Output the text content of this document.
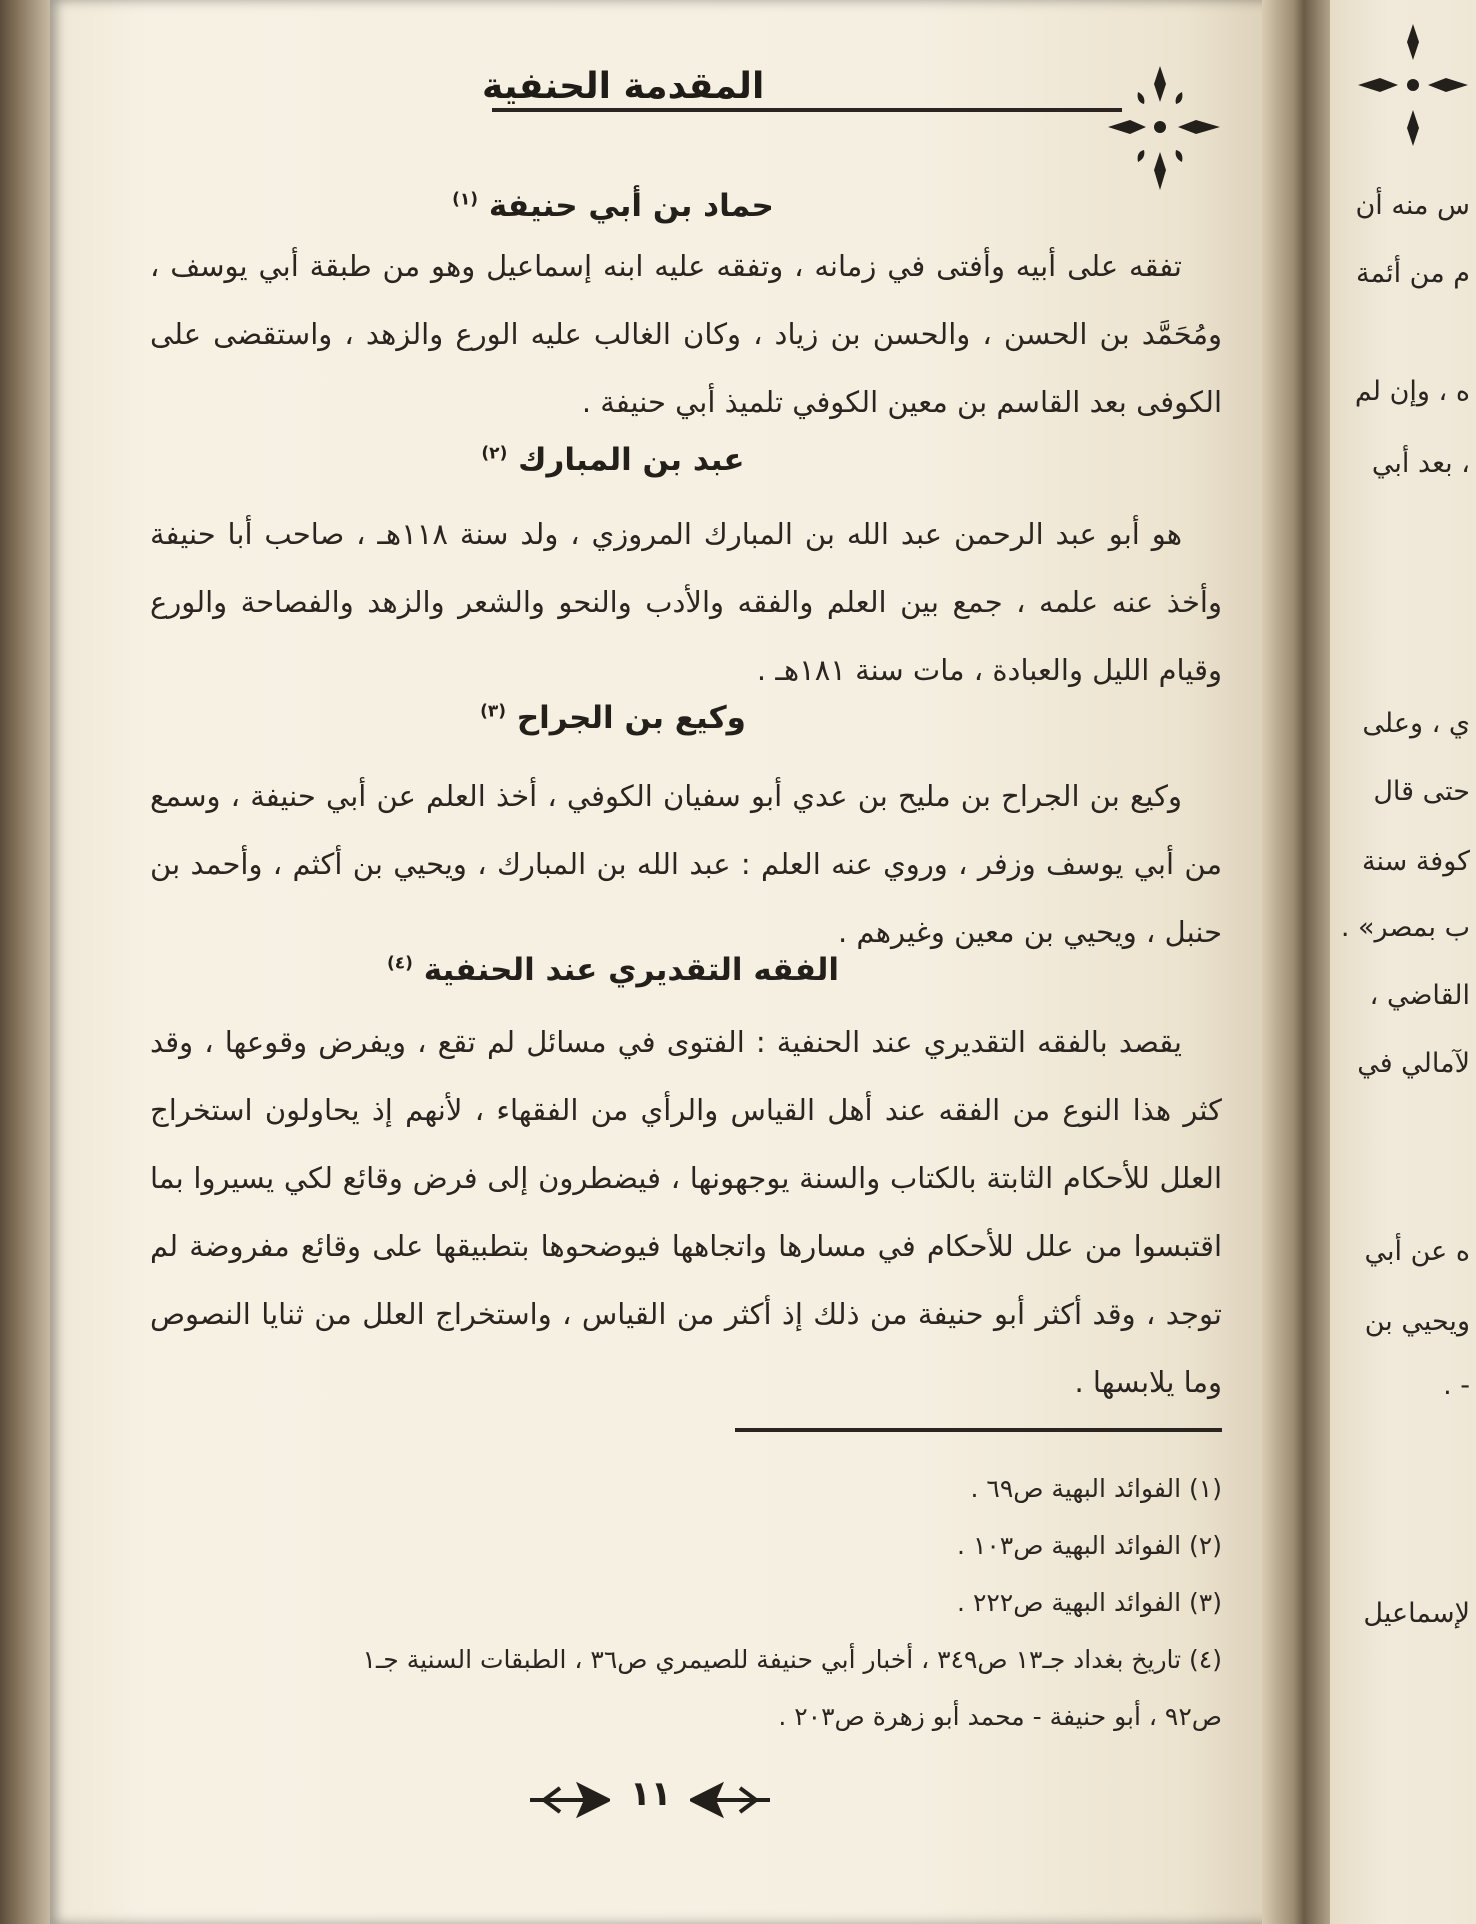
المقدمة الحنفية
حماد بن أبي حنيفة $^{(١)}$
تفقه على أبيه وأفتى في زمانه ، وتفقه عليه ابنه إسماعيل وهو من طبقة أبي يوسف ، ومُحَمَّد بن الحسن ، والحسن بن زياد ، وكان الغالب عليه الورع والزهد ، واستقضى على الكوفى بعد القاسم بن معين الكوفي تلميذ أبي حنيفة .
عبد بن المبارك $^{(٢)}$
هو أبو عبد الرحمن عبد الله بن المبارك المروزي ، ولد سنة ١١٨هـ ، صاحب أبا حنيفة وأخذ عنه علمه ، جمع بين العلم والفقه والأدب والنحو والشعر والزهد والفصاحة والورع وقيام الليل والعبادة ، مات سنة ١٨١هـ .
وكيع بن الجراح $^{(٣)}$
وكيع بن الجراح بن مليح بن عدي أبو سفيان الكوفي ، أخذ العلم عن أبي حنيفة ، وسمع من أبي يوسف وزفر ، وروي عنه العلم : عبد الله بن المبارك ، ويحيي بن أكثم ، وأحمد بن حنبل ، ويحيي بن معين وغيرهم .
الفقه التقديري عند الحنفية $^{(٤)}$
يقصد بالفقه التقديري عند الحنفية : الفتوى في مسائل لم تقع ، ويفرض وقوعها ، وقد كثر هذا النوع من الفقه عند أهل القياس والرأي من الفقهاء ، لأنهم إذ يحاولون استخراج العلل للأحكام الثابتة بالكتاب والسنة يوجهونها ، فيضطرون إلى فرض وقائع لكي يسيروا بما اقتبسوا من علل للأحكام في مسارها واتجاهها فيوضحوها بتطبيقها على وقائع مفروضة لم توجد ، وقد أكثر أبو حنيفة من ذلك إذ أكثر من القياس ، واستخراج العلل من ثنايا النصوص وما يلابسها .
(١) الفوائد البهية ص٦٩ .
(٢) الفوائد البهية ص١٠٣ .
(٣) الفوائد البهية ص٢٢٢ .
(٤) تاريخ بغداد جـ١٣ ص٣٤٩ ، أخبار أبي حنيفة للصيمري ص٣٦ ، الطبقات السنية جـ١
ص٩٢ ، أبو حنيفة - محمد أبو زهرة ص٢٠٣ .
١١
س منه أن
م من أئمة
ه ، وإن لم
، بعد أبي
ي ، وعلى
حتى قال
كوفة سنة
ب بمصر» .
القاضي ،
لآمالي في
ه عن أبي
ويحيي بن
- .
لإسماعيل
